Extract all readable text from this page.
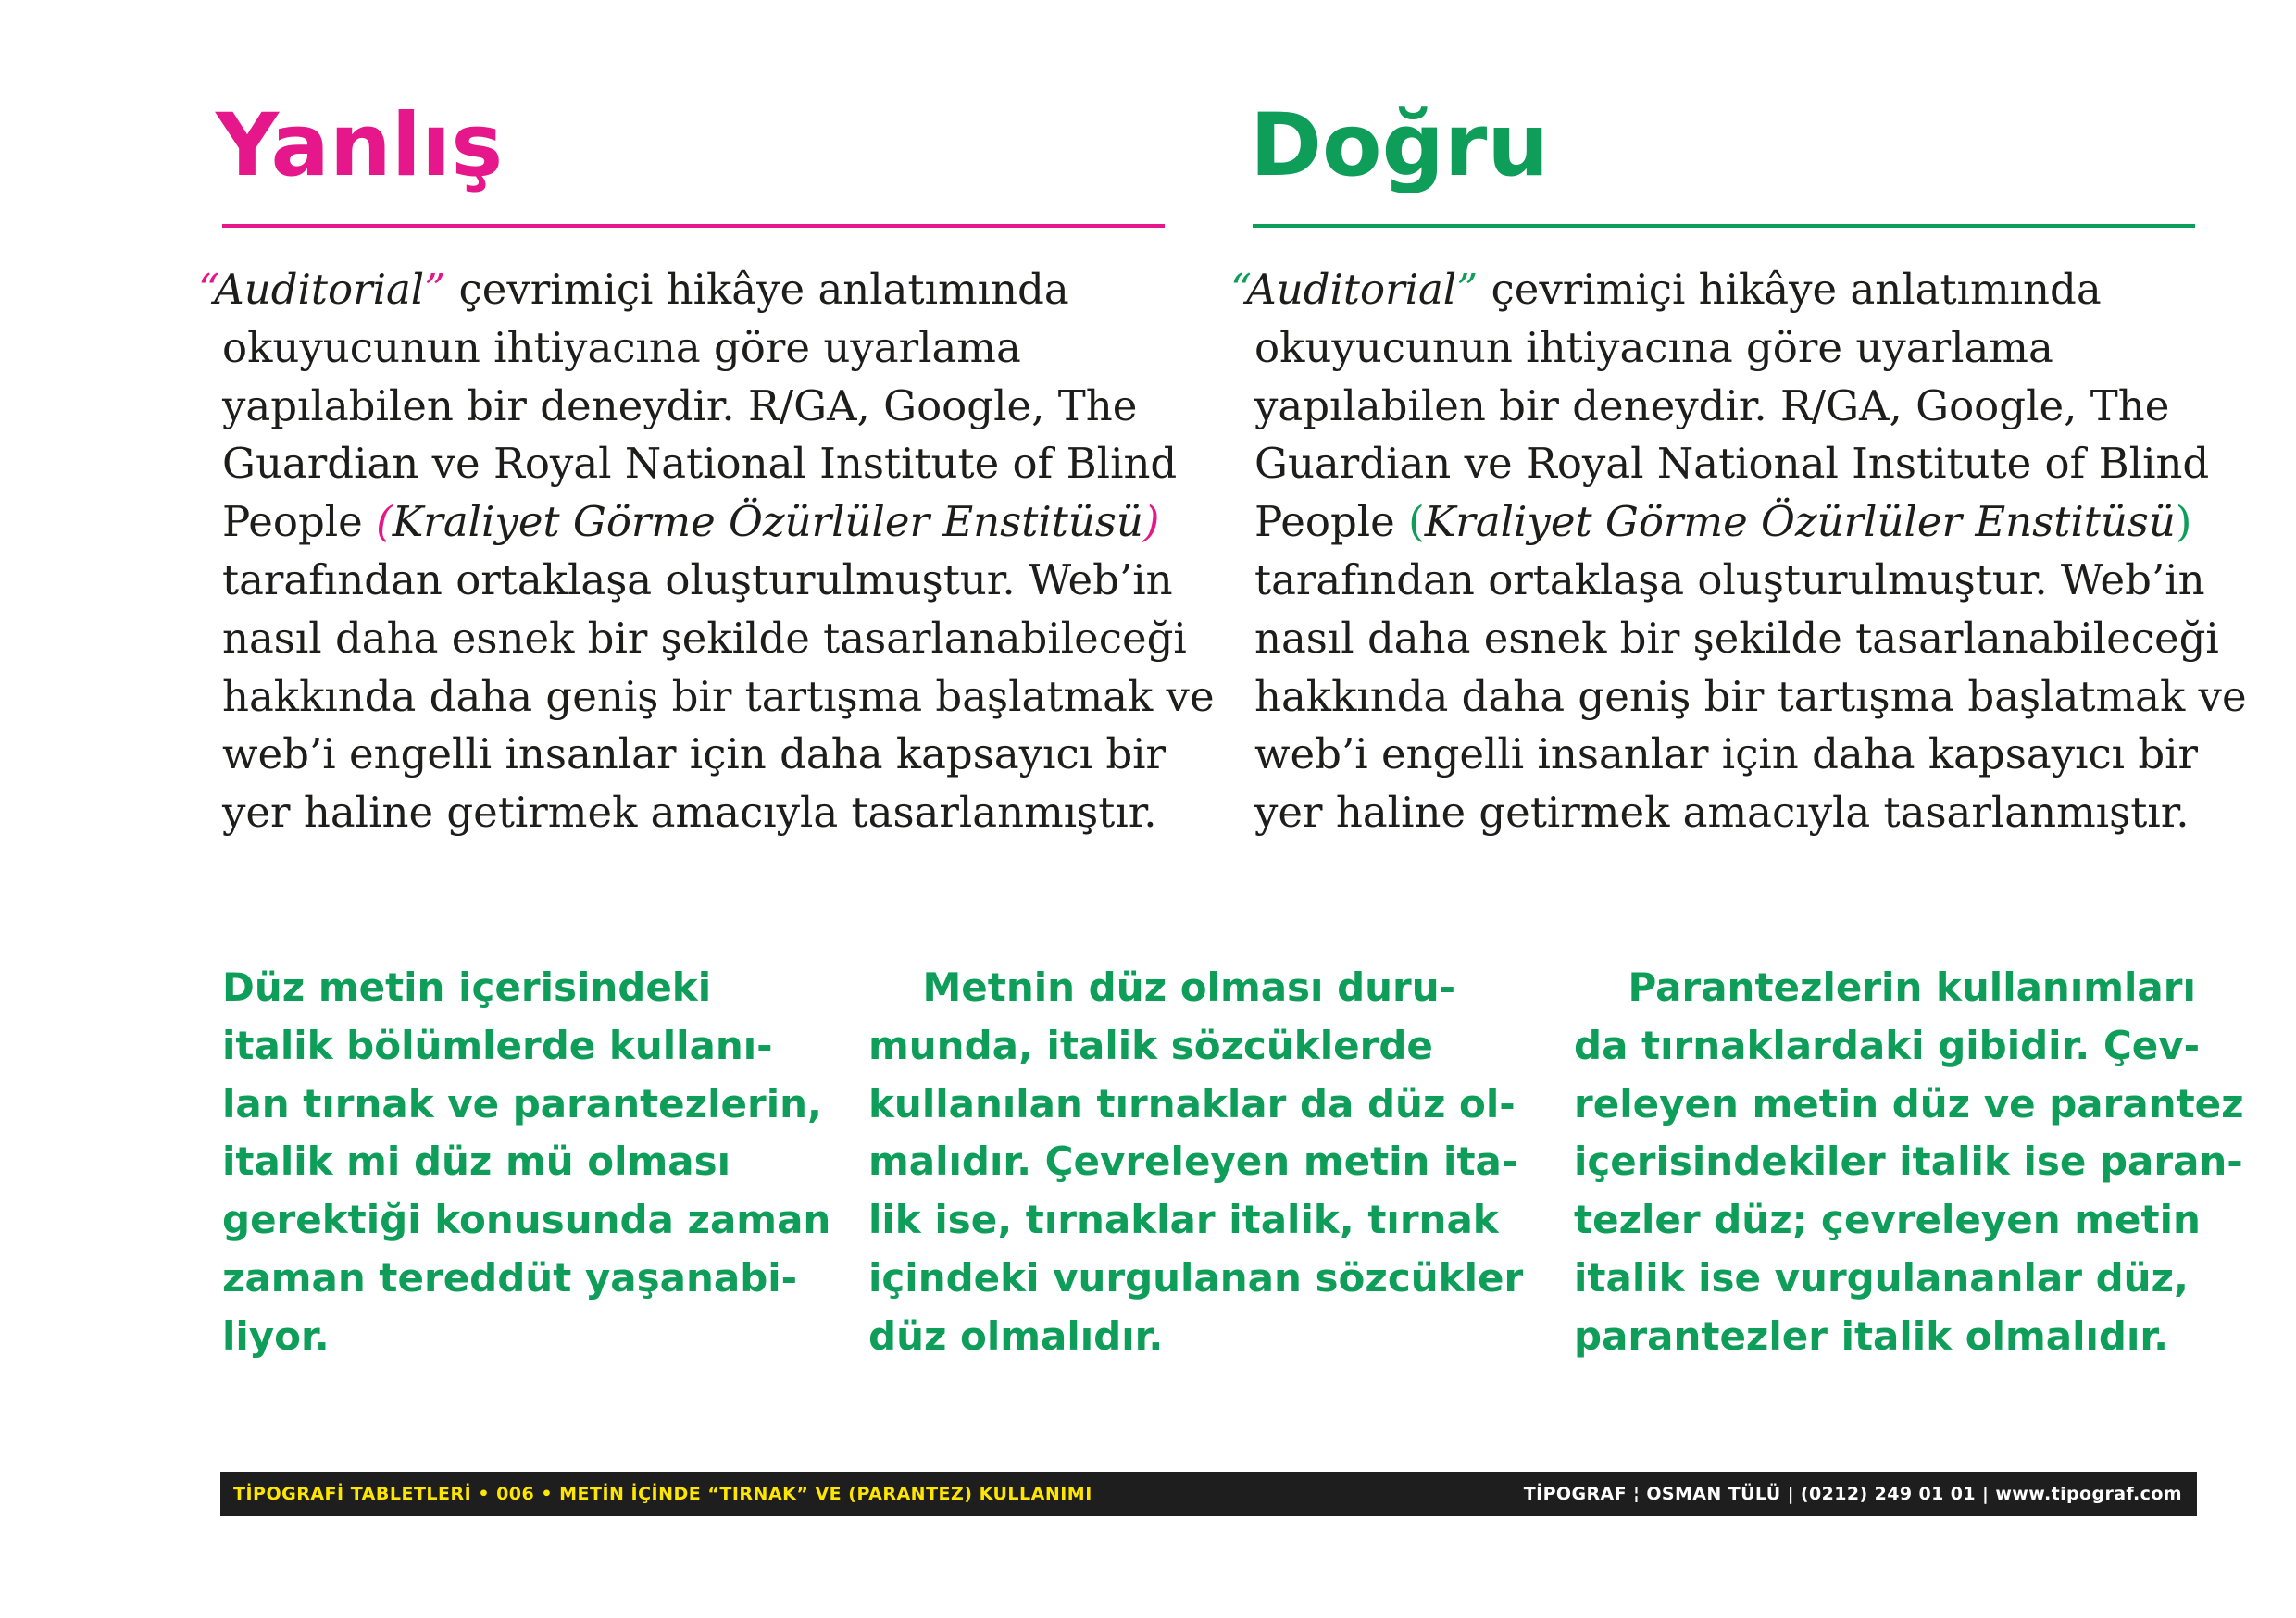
Yanlış	Doğru
“Auditorial” çevrimiçi hikâye anlatımında
okuyucunun ihtiyacına göre uyarlama
yapılabilen bir deneydir. R/GA, Google, The
Guardian ve Royal National Institute of Blind
People (Kraliyet Görme Özürlüler Enstitüsü)
tarafından ortaklaşa oluşturulmuştur. Web’in
nasıl daha esnek bir şekilde tasarlanabileceği
hakkında daha geniş bir tartışma başlatmak ve
web’i engelli insanlar için daha kapsayıcı bir
yer haline getirmek amacıyla tasarlanmıştır.
“Auditorial” çevrimiçi hikâye anlatımında
okuyucunun ihtiyacına göre uyarlama
yapılabilen bir deneydir. R/GA, Google, The
Guardian ve Royal National Institute of Blind
People (Kraliyet Görme Özürlüler Enstitüsü)
tarafından ortaklaşa oluşturulmuştur. Web’in
nasıl daha esnek bir şekilde tasarlanabileceği
hakkında daha geniş bir tartışma başlatmak ve
web’i engelli insanlar için daha kapsayıcı bir
yer haline getirmek amacıyla tasarlanmıştır.
Düz metin içerisindeki
italik bölümlerde kullanı-
lan tırnak ve parantezlerin,
italik mi düz mü olması
gerektiği konusunda zaman
zaman tereddüt yaşanabi-
liyor.
Metnin düz olması duru-
munda, italik sözcüklerde
kullanılan tırnaklar da düz ol-
malıdır. Çevreleyen metin ita-
lik ise, tırnaklar italik, tırnak
içindeki vurgulanan sözcükler
düz olmalıdır.
Parantezlerin kullanımları
da tırnaklardaki gibidir. Çev-
releyen metin düz ve parantez
içerisindekiler italik ise paran-
tezler düz; çevreleyen metin
italik ise vurgulananlar düz,
parantezler italik olmalıdır.
TİPOGRAFİ TABLETLERİ • 006 • METİN İÇİNDE “TIRNAK” VE (PARANTEZ) KULLANIMI	TİPOGRAF ¦ OSMAN TÜLÜ | (0212) 249 01 01 | www.tipograf.com
